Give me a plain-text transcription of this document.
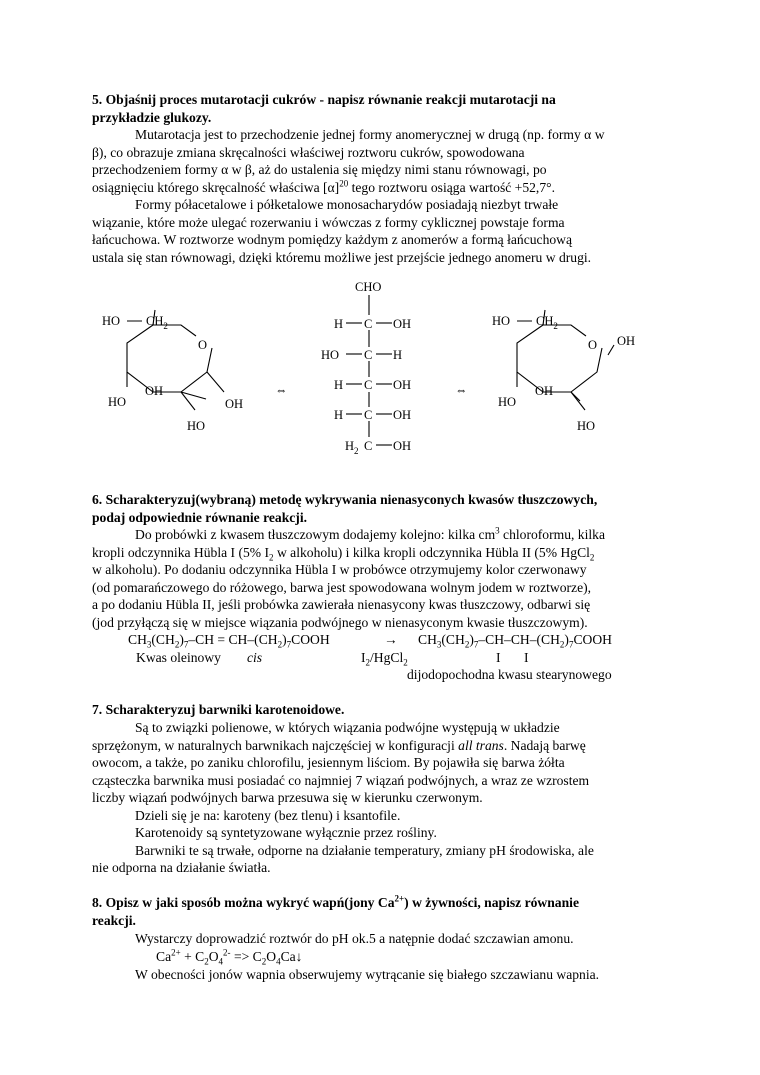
5. Objaśnij proces mutarotacji cukrów - napisz równanie reakcji mutarotacji na
przykładzie glukozy.
Mutarotacja jest to przechodzenie jednej formy anomerycznej w drugą (np. formy α w
β), co obrazuje zmiana skręcalności właściwej roztworu cukrów, spowodowana
przechodzeniem formy α w β, aż do ustalenia się między nimi stanu równowagi, po
osiągnięciu którego skręcalność właściwa $[\alpha]^{20}$ tego roztworu osiąga wartość +52,7°.
Formy półacetalowe i półketalowe monosacharydów posiadają niezbyt trwałe
wiązanie, które może ulegać rozerwaniu i wówczas z formy cyklicznej powstaje forma
łańcuchowa. W roztworze wodnym pomiędzy każdym z anomerów a formą łańcuchową
ustala się stan równowagi, dzięki któremu możliwe jest przejście jednego anomeru w drugi.
HO $CH_2$
O
OH
HO	OH
HO
⇔	⇔
CHO
H C OH
HO C H
H C OH
H C OH
$H_2$ C OH
HO $CH_2$
O OH
OH
HO
HO
6. Scharakteryzuj(wybraną) metodę wykrywania nienasyconych kwasów tłuszczowych,
podaj odpowiednie równanie reakcji.
Do probówki z kwasem tłuszczowym dodajemy kolejno: kilka $cm^3$ chloroformu, kilka
kropli odczynnika Hübla I (5% $I_2$ w alkoholu) i kilka kropli odczynnika Hübla II (5% HgCl$_2$
w alkoholu). Po dodaniu odczynnika Hübla I w probówce otrzymujemy kolor czerwonawy
(od pomarańczowego do różowego, barwa jest spowodowana wolnym jodem w roztworze),
a po dodaniu Hübla II, jeśli probówka zawierała nienasycony kwas tłuszczowy, odbarwi się
(jod przyłączą się w miejsce wiązania podwójnego w nienasyconym kwasie tłuszczowym).
$CH_3(CH_2)_7-CH$ = $CH-(CH_2)_7COOH$	→ $CH_3(CH_2)_7-CH-CH-(CH_2)_7COOH$
Kwas oleinowy cis	$I_2/HgCl_2$	I I
dijodopochodna kwasu stearynowego
7. Scharakteryzuj barwniki karotenoidowe.
Są to związki polienowe, w których wiązania podwójne występują w układzie
sprzężonym, w naturalnych barwnikach najczęściej w konfiguracji all trans. Nadają barwę
owocom, a także, po zaniku chlorofilu, jesiennym liściom. By pojawiła się barwa żółta
cząsteczka barwnika musi posiadać co najmniej 7 wiązań podwójnych, a wraz ze wzrostem
liczby wiązań podwójnych barwa przesuwa się w kierunku czerwonym.
Dzieli się je na: karoteny (bez tlenu) i ksantofile.
Karotenoidy są syntetyzowane wyłącznie przez rośliny.
Barwniki te są trwałe, odporne na działanie temperatury, zmiany pH środowiska, ale
nie odporna na działanie światła.
8. Opisz w jaki sposób można wykryć wapń(jony $Ca^{2+}$) w żywności, napisz równanie
reakcji.
Wystarczy doprowadzić roztwór do pH ok.5 a natępnie dodać szczawian amonu.
$Ca^{2+} + C_2O_4^{2-}$ => $C_2O_4Ca↓$
W obecności jonów wapnia obserwujemy wytrącanie się białego szczawianu wapnia.
